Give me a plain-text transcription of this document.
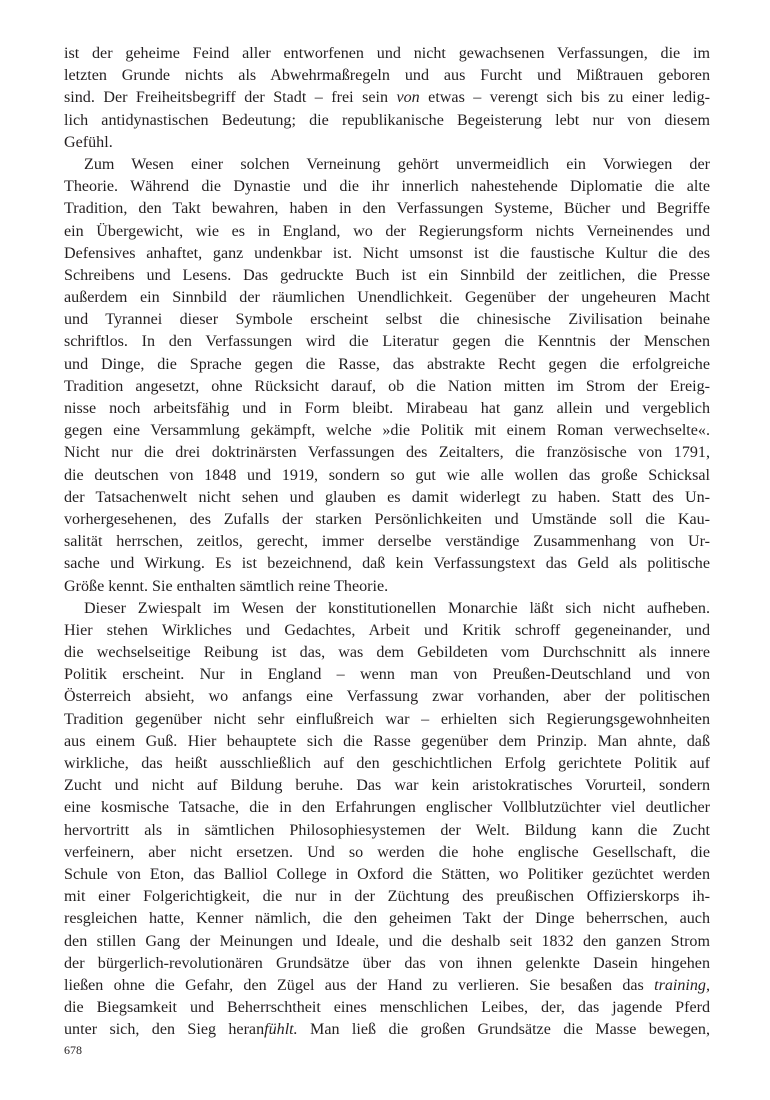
ist der geheime Feind aller entworfenen und nicht gewachsenen Verfassungen, die im
letzten Grunde nichts als Abwehrmaßregeln und aus Furcht und Mißtrauen geboren
sind. Der Freiheitsbegriff der Stadt – frei sein von etwas – verengt sich bis zu einer ledig-
lich antidynastischen Bedeutung; die republikanische Begeisterung lebt nur von diesem
Gefühl.
Zum Wesen einer solchen Verneinung gehört unvermeidlich ein Vorwiegen der
Theorie. Während die Dynastie und die ihr innerlich nahestehende Diplomatie die alte
Tradition, den Takt bewahren, haben in den Verfassungen Systeme, Bücher und Begriffe
ein Übergewicht, wie es in England, wo der Regierungsform nichts Verneinendes und
Defensives anhaftet, ganz undenkbar ist. Nicht umsonst ist die faustische Kultur die des
Schreibens und Lesens. Das gedruckte Buch ist ein Sinnbild der zeitlichen, die Presse
außerdem ein Sinnbild der räumlichen Unendlichkeit. Gegenüber der ungeheuren Macht
und Tyrannei dieser Symbole erscheint selbst die chinesische Zivilisation beinahe
schriftlos. In den Verfassungen wird die Literatur gegen die Kenntnis der Menschen
und Dinge, die Sprache gegen die Rasse, das abstrakte Recht gegen die erfolgreiche
Tradition angesetzt, ohne Rücksicht darauf, ob die Nation mitten im Strom der Ereig-
nisse noch arbeitsfähig und in Form bleibt. Mirabeau hat ganz allein und vergeblich
gegen eine Versammlung gekämpft, welche »die Politik mit einem Roman verwechselte«.
Nicht nur die drei doktrinärsten Verfassungen des Zeitalters, die französische von 1791,
die deutschen von 1848 und 1919, sondern so gut wie alle wollen das große Schicksal
der Tatsachenwelt nicht sehen und glauben es damit widerlegt zu haben. Statt des Un-
vorhergesehenen, des Zufalls der starken Persönlichkeiten und Umstände soll die Kau-
salität herrschen, zeitlos, gerecht, immer derselbe verständige Zusammenhang von Ur-
sache und Wirkung. Es ist bezeichnend, daß kein Verfassungstext das Geld als politische
Größe kennt. Sie enthalten sämtlich reine Theorie.
Dieser Zwiespalt im Wesen der konstitutionellen Monarchie läßt sich nicht aufheben.
Hier stehen Wirkliches und Gedachtes, Arbeit und Kritik schroff gegeneinander, und
die wechselseitige Reibung ist das, was dem Gebildeten vom Durchschnitt als innere
Politik erscheint. Nur in England – wenn man von Preußen-Deutschland und von
Österreich absieht, wo anfangs eine Verfassung zwar vorhanden, aber der politischen
Tradition gegenüber nicht sehr einflußreich war – erhielten sich Regierungsgewohnheiten
aus einem Guß. Hier behauptete sich die Rasse gegenüber dem Prinzip. Man ahnte, daß
wirkliche, das heißt ausschließlich auf den geschichtlichen Erfolg gerichtete Politik auf
Zucht und nicht auf Bildung beruhe. Das war kein aristokratisches Vorurteil, sondern
eine kosmische Tatsache, die in den Erfahrungen englischer Vollblutzüchter viel deutlicher
hervortritt als in sämtlichen Philosophiesystemen der Welt. Bildung kann die Zucht
verfeinern, aber nicht ersetzen. Und so werden die hohe englische Gesellschaft, die
Schule von Eton, das Balliol College in Oxford die Stätten, wo Politiker gezüchtet werden
mit einer Folgerichtigkeit, die nur in der Züchtung des preußischen Offizierskorps ih-
resgleichen hatte, Kenner nämlich, die den geheimen Takt der Dinge beherrschen, auch
den stillen Gang der Meinungen und Ideale, und die deshalb seit 1832 den ganzen Strom
der bürgerlich-revolutionären Grundsätze über das von ihnen gelenkte Dasein hingehen
ließen ohne die Gefahr, den Zügel aus der Hand zu verlieren. Sie besaßen das training,
die Biegsamkeit und Beherrschtheit eines menschlichen Leibes, der, das jagende Pferd
unter sich, den Sieg heranfühlt. Man ließ die großen Grundsätze die Masse bewegen,
678
